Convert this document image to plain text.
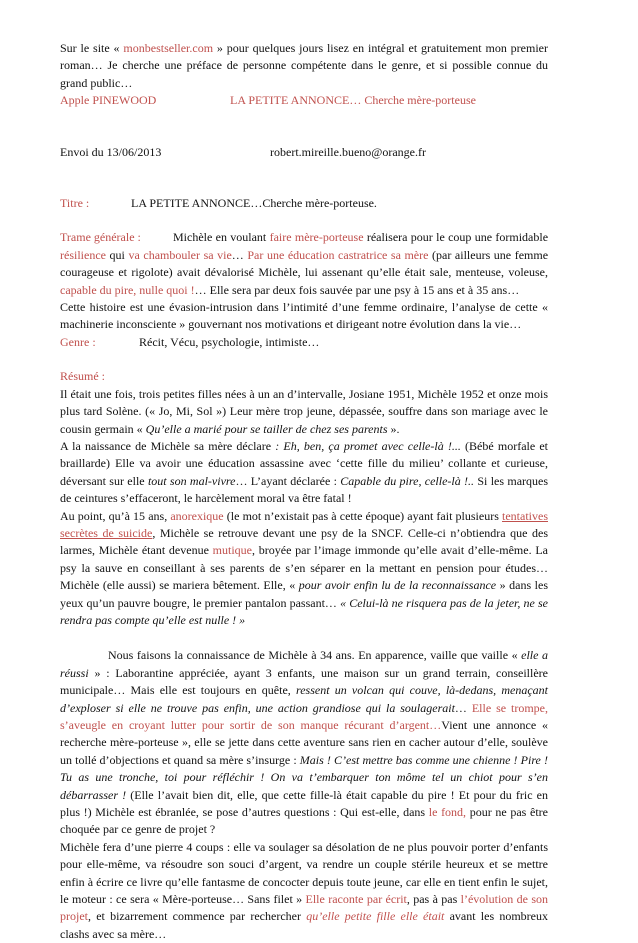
Sur le site « monbestseller.com » pour quelques jours lisez en intégral et gratuitement mon premier roman… Je cherche une préface de personne compétente dans le genre, et si possible connue du grand public…

Apple PINEWOOD	LA PETITE ANNONCE… Cherche mère-porteuse

Envoi du 13/06/2013	robert.mireille.bueno@orange.fr

Titre :	LA PETITE ANNONCE…Cherche mère-porteuse.

Trame générale :	Michèle en voulant faire mère-porteuse réalisera pour le coup une formidable résilience qui va chambouler sa vie… Par une éducation castratrice sa mère (par ailleurs une femme courageuse et rigolote) avait dévalorisé Michèle, lui assenant qu’elle était sale, menteuse, voleuse, capable du pire, nulle quoi !… Elle sera par deux fois sauvée par une psy à 15 ans et à 35 ans…

Cette histoire est une évasion-intrusion dans l’intimité d’une femme ordinaire, l’analyse de cette « machinerie inconsciente » gouvernant nos motivations et dirigeant notre évolution dans la vie…

Genre :	Récit, Vécu, psychologie, intimiste…

Résumé :

Il était une fois, trois petites filles nées à un an d’intervalle, Josiane 1951, Michèle 1952 et onze mois plus tard Solène. (« Jo, Mi, Sol ») Leur mère trop jeune, dépassée, souffre dans son mariage avec le cousin germain « Qu’elle a marié pour se tailler de chez ses parents ».

A la naissance de Michèle sa mère déclare : Eh, ben, ça promet avec celle-là !... (Bébé morfale et braillarde) Elle va avoir une éducation assassine avec ‘cette fille du milieu’ collante et curieuse, déversant sur elle tout son mal-vivre… L’ayant déclarée : Capable du pire, celle-là !.. Si les marques de ceintures s’effaceront, le harcèlement moral va être fatal !

Au point, qu’à 15 ans, anorexique (le mot n’existait pas à cette époque) ayant fait plusieurs tentatives secrètes de suicide, Michèle se retrouve devant une psy de la SNCF. Celle-ci n’obtiendra que des larmes, Michèle étant devenue mutique, broyée par l’image immonde qu’elle avait d’elle-même. La psy la sauve en conseillant à ses parents de s’en séparer en la mettant en pension pour études… Michèle (elle aussi) se mariera bêtement. Elle, « pour avoir enfin lu de la reconnaissance » dans les yeux qu’un pauvre bougre, le premier pantalon passant… « Celui-là ne risquera pas de la jeter, ne se rendra pas compte qu’elle est nulle ! »

Nous faisons la connaissance de Michèle à 34 ans. En apparence, vaille que vaille « elle a réussi » : Laborantine appréciée, ayant 3 enfants, une maison sur un grand terrain, conseillère municipale… Mais elle est toujours en quête, ressent un volcan qui couve, là-dedans, menaçant d’exploser si elle ne trouve pas enfin, une action grandiose qui la soulagerait… Elle se trompe, s’aveugle en croyant lutter pour sortir de son manque récurant d’argent…Vient une annonce « recherche mère-porteuse », elle se jette dans cette aventure sans rien en cacher autour d’elle, soulève un tollé d’objections et quand sa mère s’insurge : Mais ! C’est mettre bas comme une chienne ! Pire ! Tu as une tronche, toi pour réfléchir ! On va t’embarquer ton môme tel un chiot pour s’en débarrasser ! (Elle l’avait bien dit, elle, que cette fille-là était capable du pire ! Et pour du fric en plus !) Michèle est ébranlée, se pose d’autres questions : Qui est-elle, dans le fond, pour ne pas être choquée par ce genre de projet ?

Michèle fera d’une pierre 4 coups : elle va soulager sa désolation de ne plus pouvoir porter d’enfants pour elle-même, va résoudre son souci d’argent, va rendre un couple stérile heureux et se mettre enfin à écrire ce livre qu’elle fantasme de concocter depuis toute jeune, car elle en tient enfin le sujet, le moteur : ce sera « Mère-porteuse… Sans filet » Elle raconte par écrit, pas à pas l’évolution de son projet, et bizarrement commence par rechercher qu’elle petite fille elle était avant les nombreux clashs avec sa mère…
